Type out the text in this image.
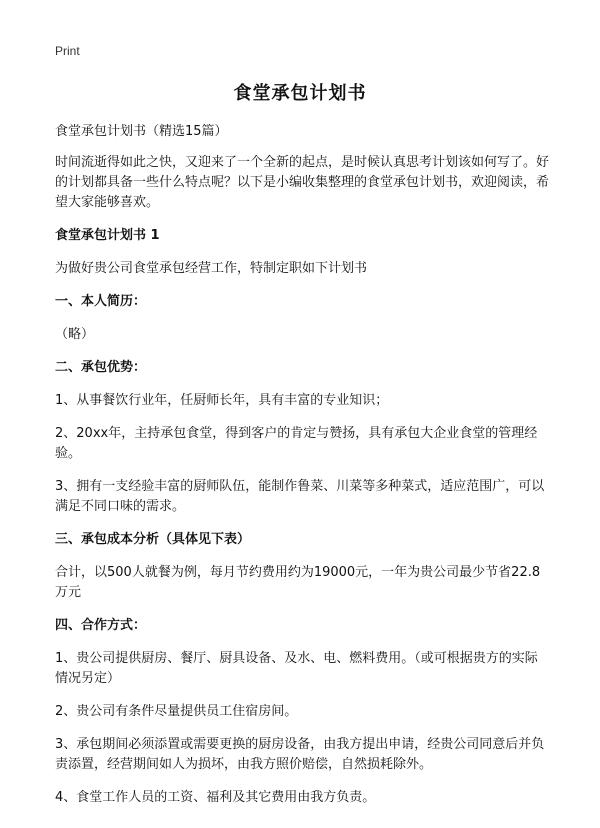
Print
食堂承包计划书

食堂承包计划书（精选15篇）

时间流逝得如此之快，又迎来了一个全新的起点，是时候认真思考计划该如何写了。好的计划都具备一些什么特点呢？以下是小编收集整理的食堂承包计划书，欢迎阅读，希望大家能够喜欢。

食堂承包计划书 1

为做好贵公司食堂承包经营工作，特制定职如下计划书

一、本人简历：

（略）

二、承包优势：

1、从事餐饮行业年，任厨师长年，具有丰富的专业知识；

2、20xx年，主持承包食堂，得到客户的肯定与赞扬，具有承包大企业食堂的管理经验。

3、拥有一支经验丰富的厨师队伍，能制作鲁菜、川菜等多种菜式，适应范围广，可以满足不同口味的需求。

三、承包成本分析（具体见下表）

合计，以500人就餐为例，每月节约费用约为19000元，一年为贵公司最少节省22.8万元

四、合作方式：

1、贵公司提供厨房、餐厅、厨具设备、及水、电、燃料费用。（或可根据贵方的实际情况另定）

2、贵公司有条件尽量提供员工住宿房间。

3、承包期间必须添置或需要更换的厨房设备，由我方提出申请，经贵公司同意后并负责添置，经营期间如人为损坏，由我方照价赔偿，自然损耗除外。

4、食堂工作人员的工资、福利及其它费用由我方负责。
